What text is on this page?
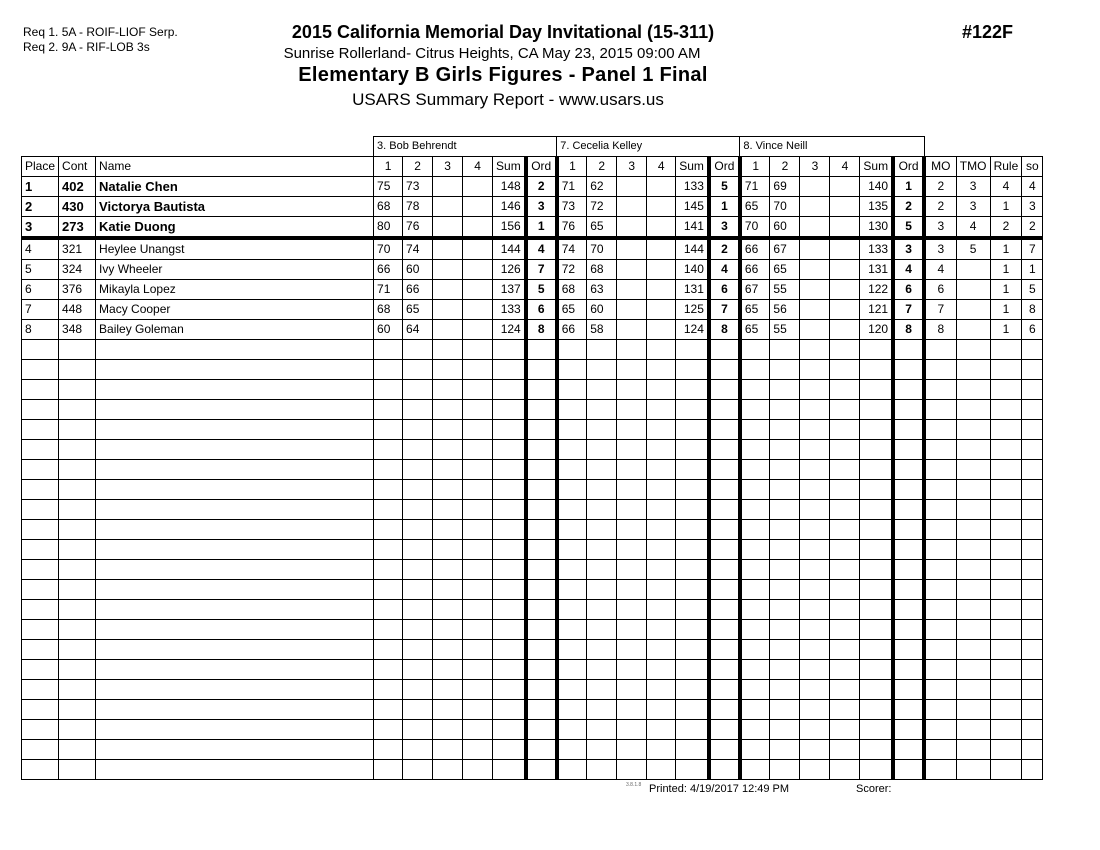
Req 1. 5A - ROIF-LIOF Serp.
Req 2. 9A - RIF-LOB 3s
2015 California Memorial Day Invitational (15-311)
Sunrise Rollerland- Citrus Heights, CA May 23, 2015 09:00 AM
Elementary B Girls Figures - Panel 1 Final
USARS Summary Report - www.usars.us
#122F
			3. Bob Behrendt						7. Cecelia Kelley						8. Vince Neill									
Place	Cont	Name	1	2	3	4	Sum	Ord	1	2	3	4	Sum	Ord	1	2	3	4	Sum	Ord	MO	TMO	Rule	so
1	402	Natalie Chen	75	73			148	2	71	62			133	5	71	69			140	1	2	3	4	4
2	430	Victorya Bautista	68	78			146	3	73	72			145	1	65	70			135	2	2	3	1	3
3	273	Katie Duong	80	76			156	1	76	65			141	3	70	60			130	5	3	4	2	2
4	321	Heylee Unangst	70	74			144	4	74	70			144	2	66	67			133	3	3	5	1	7
5	324	Ivy Wheeler	66	60			126	7	72	68			140	4	66	65			131	4	4		1	1
6	376	Mikayla Lopez	71	66			137	5	68	63			131	6	67	55			122	6	6		1	5
7	448	Macy Cooper	68	65			133	6	65	60			125	7	65	56			121	7	7		1	8
8	348	Bailey Goleman	60	64			124	8	66	58			124	8	65	55			120	8	8		1	6

3.8.1.8 Printed: 4/19/2017 12:49 PM	Scorer:
